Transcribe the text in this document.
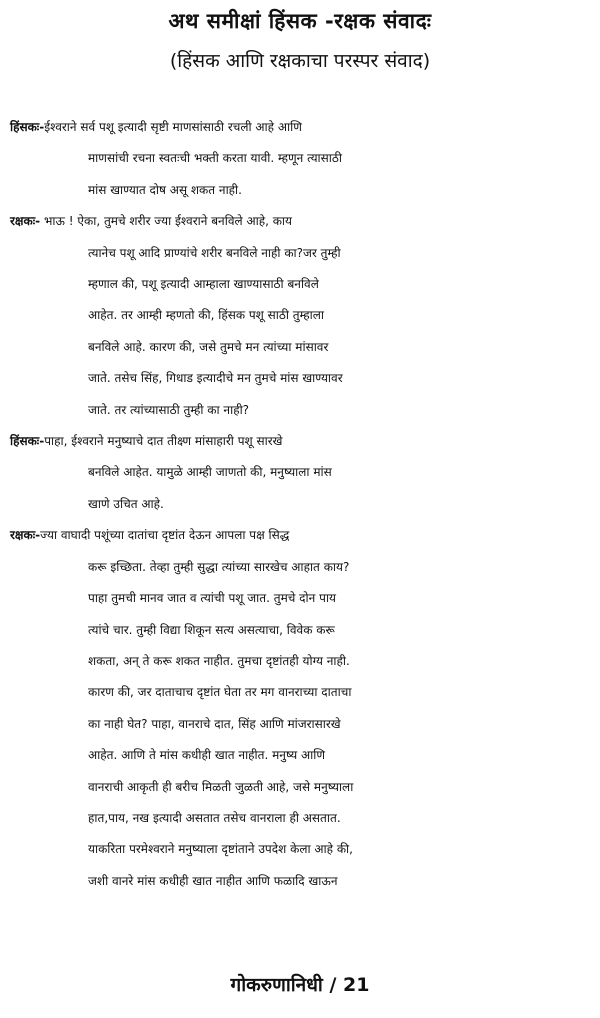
अथ समीक्षां हिंसक -रक्षक संवादः
(हिंसक आणि रक्षकाचा परस्पर संवाद)
हिंसकः-ईश्वराने सर्व पशू इत्यादी सृष्टी माणसांसाठी रचली आहे आणि
माणसांची रचना स्वतःची भक्ती करता यावी. म्हणून त्यासाठी
मांस खाण्यात दोष असू शकत नाही.
रक्षकः- भाऊ ! ऐका, तुमचे शरीर ज्या ईश्वराने बनविले आहे, काय
त्यानेच पशू आदि प्राण्यांचे शरीर बनविले नाही का?जर तुम्ही
म्हणाल की, पशू इत्यादी आम्हाला खाण्यासाठी बनविले
आहेत. तर आम्ही म्हणतो की, हिंसक पशू साठी तुम्हाला
बनविले आहे. कारण की, जसे तुमचे मन त्यांच्या मांसावर
जाते. तसेच सिंह, गिधाड इत्यादीचे मन तुमचे मांस खाण्यावर
जाते. तर त्यांच्यासाठी तुम्ही का नाही?
हिंसकः-पाहा, ईश्वराने मनुष्याचे दात तीक्ष्ण मांसाहारी पशू सारखे
बनविले आहेत. यामुळे आम्ही जाणतो की, मनुष्याला मांस
खाणे उचित आहे.
रक्षकः-ज्या वाघादी पशूंच्या दातांचा दृष्टांत देऊन आपला पक्ष सिद्ध
करू इच्छिता. तेव्हा तुम्ही सुद्धा त्यांच्या सारखेच आहात काय?
पाहा तुमची मानव जात व त्यांची पशू जात. तुमचे दोन पाय
त्यांचे चार. तुम्ही विद्या शिकून सत्य असत्याचा, विवेक करू
शकता, अन् ते करू शकत नाहीत. तुमचा दृष्टांतही योग्य नाही.
कारण की, जर दाताचाच दृष्टांत घेता तर मग वानराच्या दाताचा
का नाही घेत? पाहा, वानराचे दात, सिंह आणि मांजरासारखे
आहेत. आणि ते मांस कधीही खात नाहीत. मनुष्य आणि
वानराची आकृती ही बरीच मिळती जुळती आहे, जसे मनुष्याला
हात,पाय, नख इत्यादी असतात तसेच वानराला ही असतात.
याकरिता परमेश्वराने मनुष्याला दृष्टांताने उपदेश केला आहे की,
जशी वानरे मांस कधीही खात नाहीत आणि फळादि खाऊन
गोकरुणानिधी / 21
